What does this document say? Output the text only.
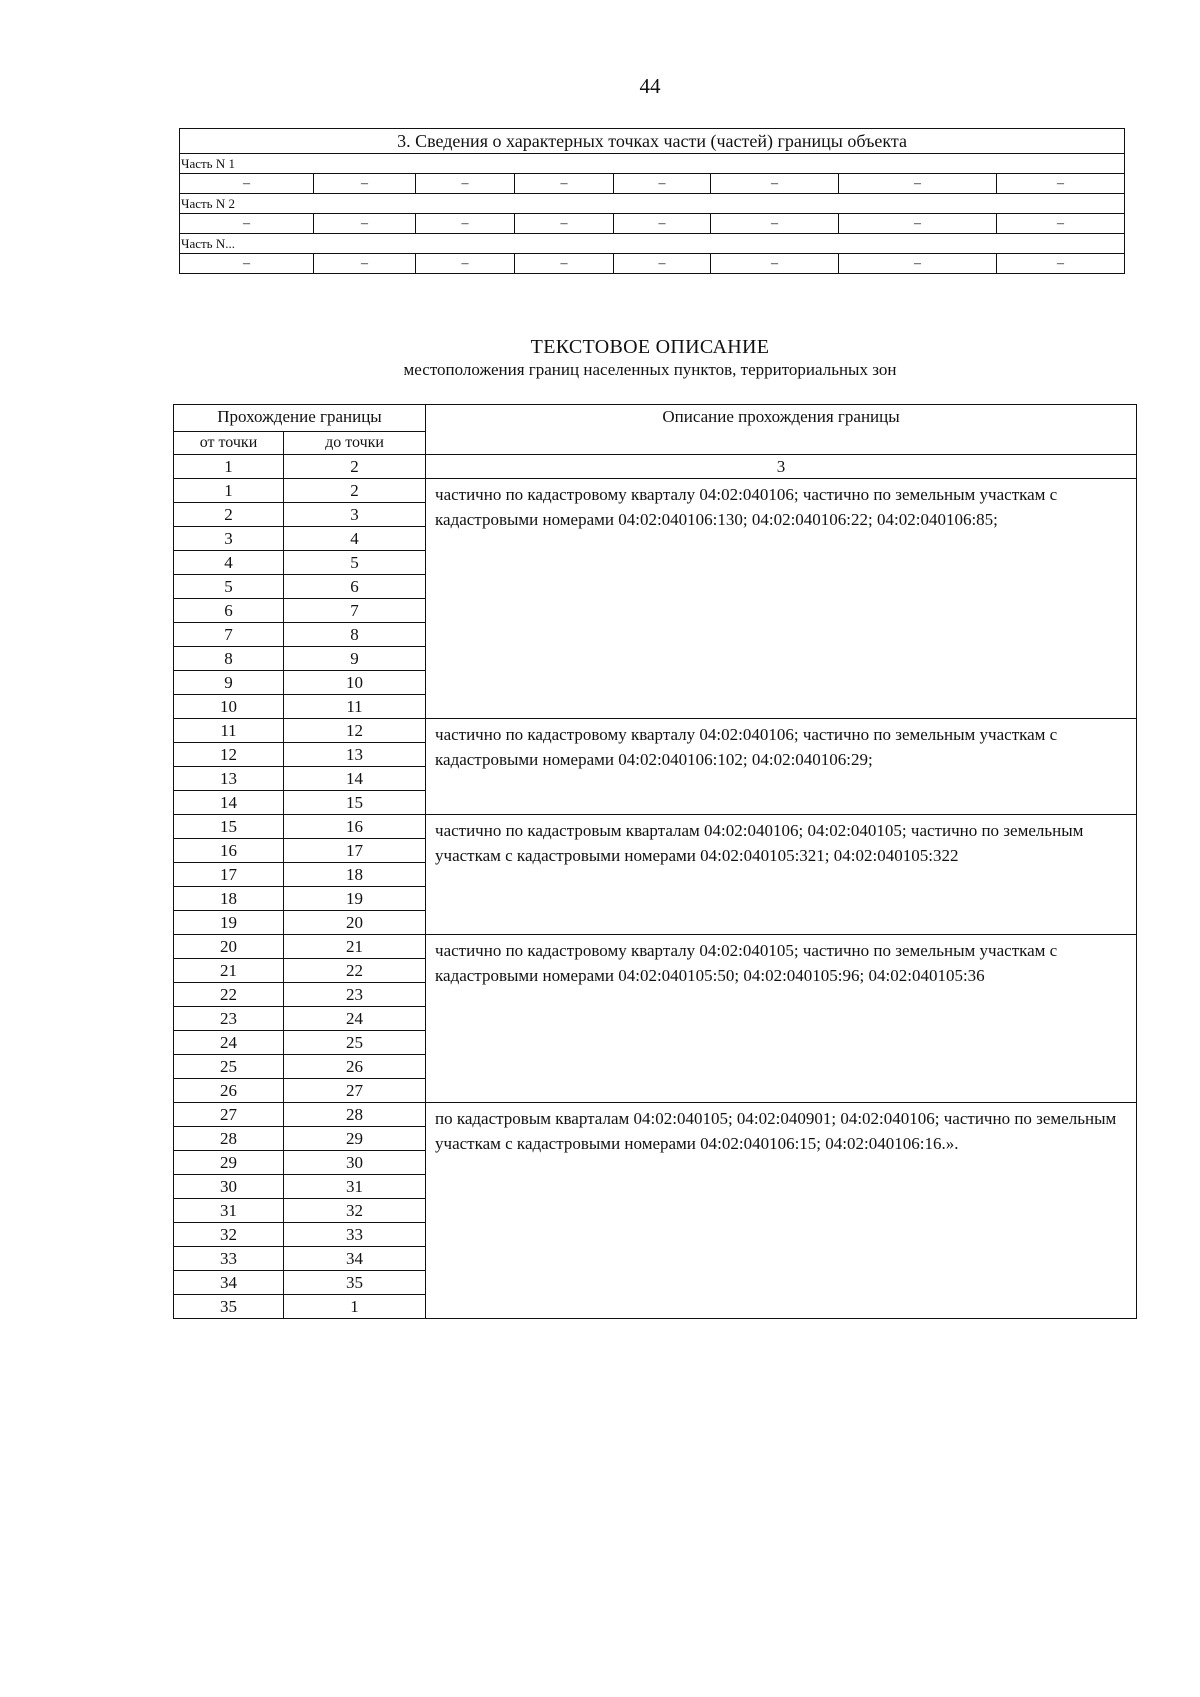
44
3. Сведения о характерных точках части (частей) границы объекта							
Часть N 1							
–	–	–	–	–	–	–	–
Часть N 2							
–	–	–	–	–	–	–	–
Часть N...							
–	–	–	–	–	–	–	–
ТЕКСТОВОЕ ОПИСАНИЕ
местоположения границ населенных пунктов, территориальных зон
Прохождение границы		Описание прохождения границы
от точки	до точки	
1	2	3
1	2	частично по кадастровому кварталу 04:02:040106; частично по земельным участкам с кадастровыми номерами 04:02:040106:130; 04:02:040106:22; 04:02:040106:85;
2	3	
3	4	
4	5	
5	6	
6	7	
7	8	
8	9	
9	10	
10	11	
11	12	частично по кадастровому кварталу 04:02:040106; частично по земельным участкам с кадастровыми номерами 04:02:040106:102; 04:02:040106:29;
12	13	
13	14	
14	15	
15	16	частично по кадастровым кварталам 04:02:040106; 04:02:040105; частично по земельным участкам с кадастровыми номерами 04:02:040105:321; 04:02:040105:322
16	17	
17	18	
18	19	
19	20	
20	21	частично по кадастровому кварталу 04:02:040105; частично по земельным участкам с кадастровыми номерами 04:02:040105:50; 04:02:040105:96; 04:02:040105:36
21	22	
22	23	
23	24	
24	25	
25	26	
26	27	
27	28	по кадастровым кварталам 04:02:040105; 04:02:040901; 04:02:040106; частично по земельным участкам с кадастровыми номерами 04:02:040106:15; 04:02:040106:16.».
28	29	
29	30	
30	31	
31	32	
32	33	
33	34	
34	35	
35	1	
